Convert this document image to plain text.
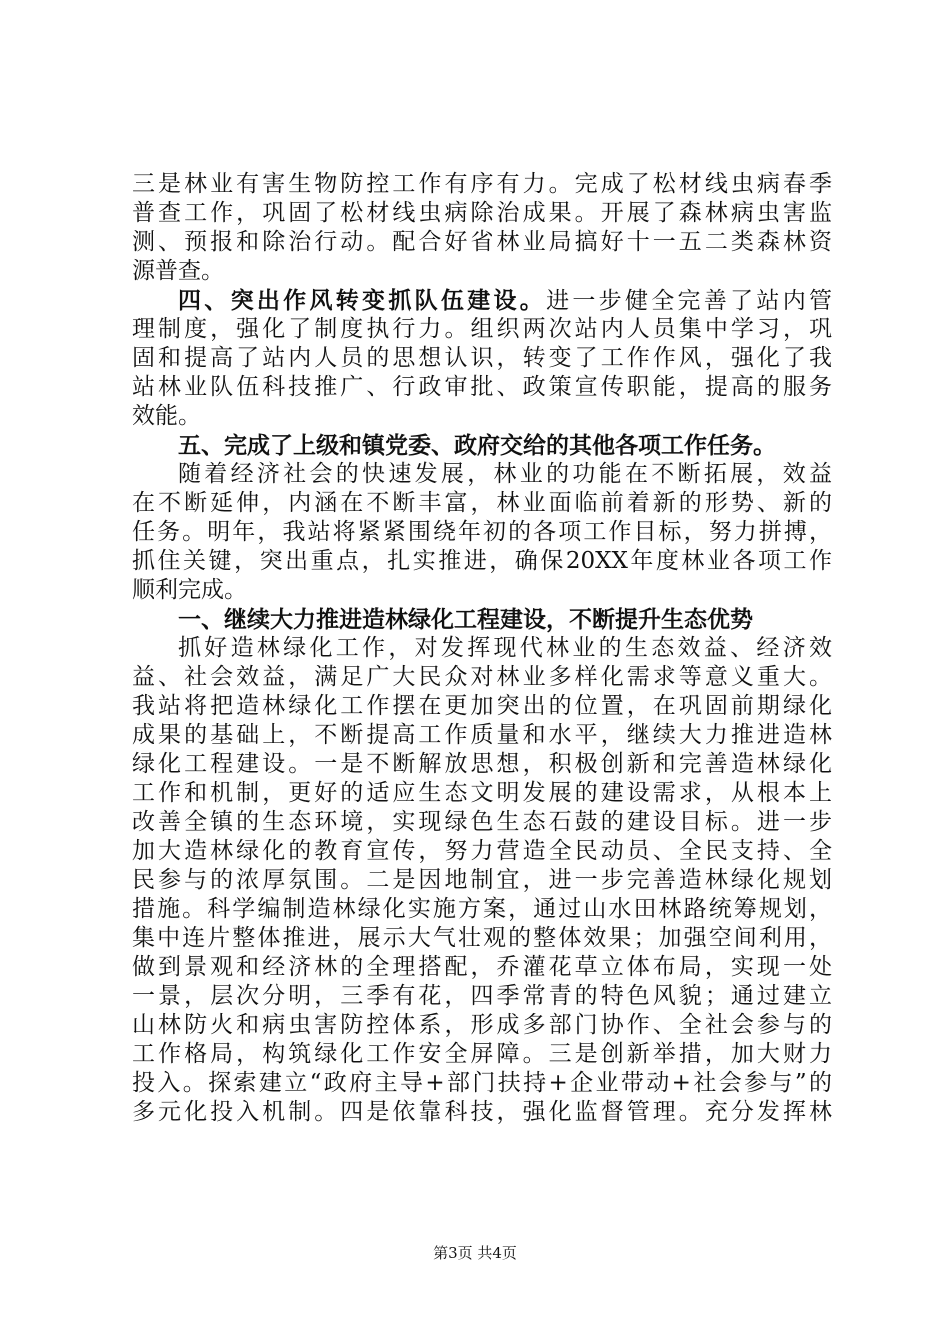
三是林业有害生物防控工作有序有力。完成了松材线虫病春季
普查工作，巩固了松材线虫病除治成果。开展了森林病虫害监
测、预报和除治行动。配合好省林业局搞好十一五二类森林资
源普查。
四、突出作风转变抓队伍建设。进一步健全完善了站内管
理制度，强化了制度执行力。组织两次站内人员集中学习，巩
固和提高了站内人员的思想认识，转变了工作作风，强化了我
站林业队伍科技推广、行政审批、政策宣传职能，提高的服务
效能。
五、完成了上级和镇党委、政府交给的其他各项工作任务。
随着经济社会的快速发展，林业的功能在不断拓展，效益
在不断延伸，内涵在不断丰富，林业面临前着新的形势、新的
任务。明年，我站将紧紧围绕年初的各项工作目标，努力拼搏，
抓住关键，突出重点，扎实推进，确保20XX年度林业各项工作
顺利完成。
一、继续大力推进造林绿化工程建设，不断提升生态优势
抓好造林绿化工作，对发挥现代林业的生态效益、经济效
益、社会效益，满足广大民众对林业多样化需求等意义重大。
我站将把造林绿化工作摆在更加突出的位置，在巩固前期绿化
成果的基础上，不断提高工作质量和水平，继续大力推进造林
绿化工程建设。一是不断解放思想，积极创新和完善造林绿化
工作和机制，更好的适应生态文明发展的建设需求，从根本上
改善全镇的生态环境，实现绿色生态石鼓的建设目标。进一步
加大造林绿化的教育宣传，努力营造全民动员、全民支持、全
民参与的浓厚氛围。二是因地制宜，进一步完善造林绿化规划
措施。科学编制造林绿化实施方案，通过山水田林路统筹规划，
集中连片整体推进，展示大气壮观的整体效果；加强空间利用，
做到景观和经济林的全理搭配，乔灌花草立体布局，实现一处
一景，层次分明，三季有花，四季常青的特色风貌；通过建立
山林防火和病虫害防控体系，形成多部门协作、全社会参与的
工作格局，构筑绿化工作安全屏障。三是创新举措，加大财力
投入。探索建立“政府主导+部门扶持+企业带动+社会参与”的
多元化投入机制。四是依靠科技，强化监督管理。充分发挥林
第3页 共4页
